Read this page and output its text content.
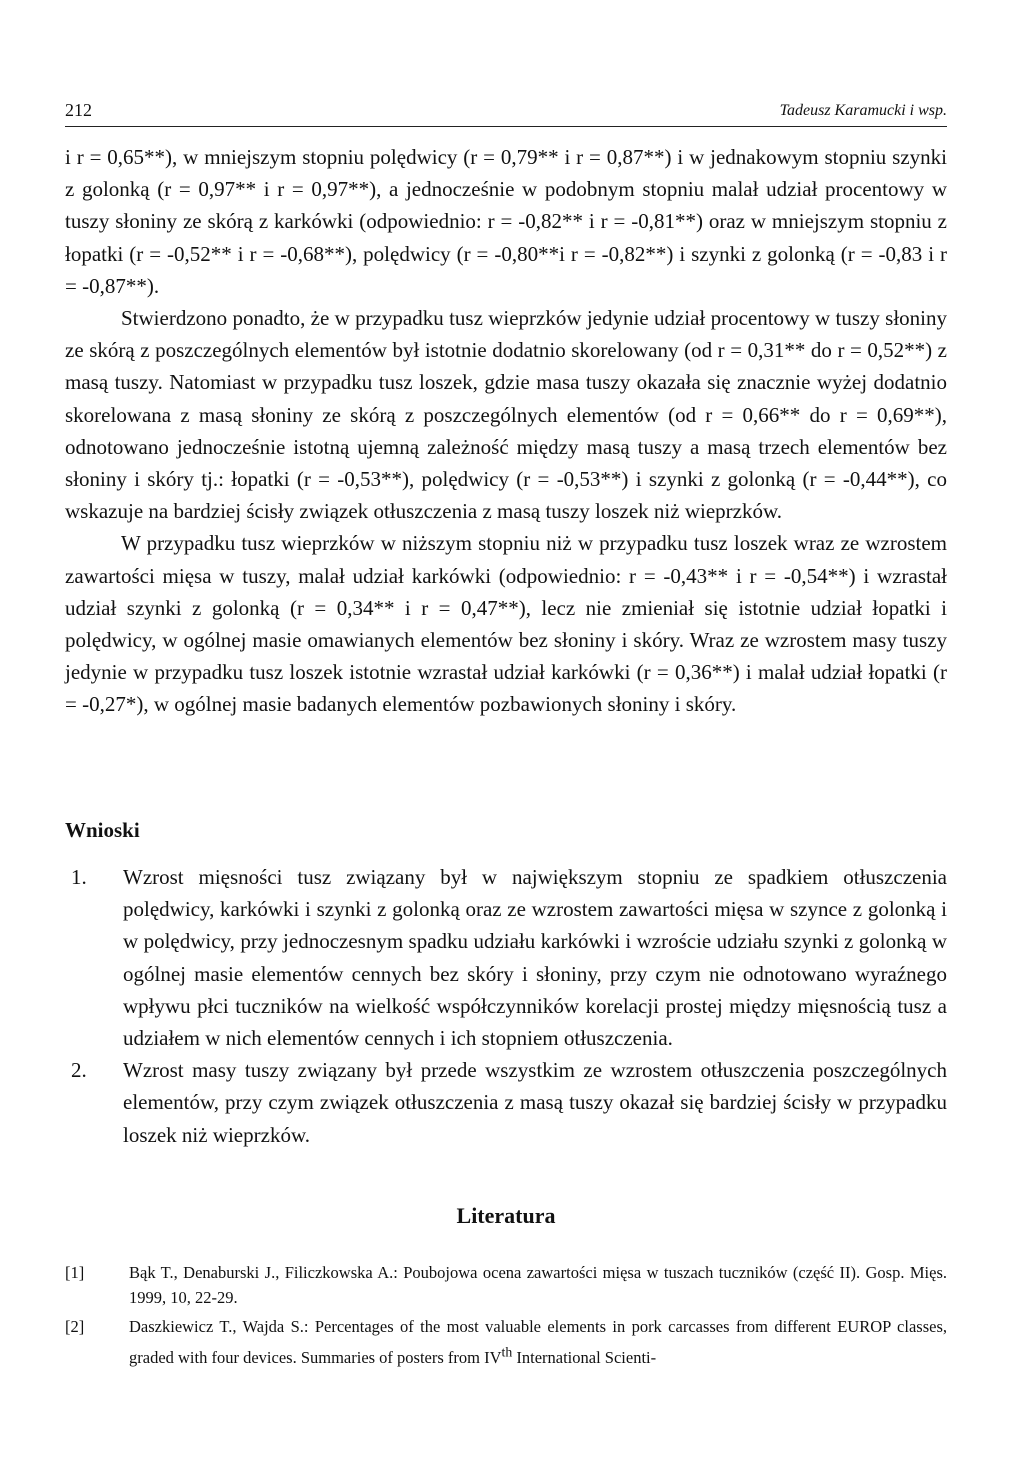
212	Tadeusz Karamucki i wsp.

i r = 0,65**), w mniejszym stopniu polędwicy (r = 0,79** i r = 0,87**) i w jednakowym stopniu szynki z golonką (r = 0,97** i r = 0,97**), a jednocześnie w podobnym stopniu malał udział procentowy w tuszy słoniny ze skórą z karkówki (odpowiednio: r = -0,82** i r = -0,81**) oraz w mniejszym stopniu z łopatki (r = -0,52** i r = -0,68**), polędwicy (r = -0,80**i r = -0,82**) i szynki z golonką (r = -0,83 i r = -0,87**).

Stwierdzono ponadto, że w przypadku tusz wieprzków jedynie udział procentowy w tuszy słoniny ze skórą z poszczególnych elementów był istotnie dodatnio skorelowany (od r = 0,31** do r = 0,52**) z masą tuszy. Natomiast w przypadku tusz loszek, gdzie masa tuszy okazała się znacznie wyżej dodatnio skorelowana z masą słoniny ze skórą z poszczególnych elementów (od r = 0,66** do r = 0,69**), odnotowano jednocześnie istotną ujemną zależność między masą tuszy a masą trzech elementów bez słoniny i skóry tj.: łopatki (r = -0,53**), polędwicy (r = -0,53**) i szynki z golonką (r = -0,44**), co wskazuje na bardziej ścisły związek otłuszczenia z masą tuszy loszek niż wieprzków.

W przypadku tusz wieprzków w niższym stopniu niż w przypadku tusz loszek wraz ze wzrostem zawartości mięsa w tuszy, malał udział karkówki (odpowiednio: r = -0,43** i r = -0,54**) i wzrastał udział szynki z golonką (r = 0,34** i r = 0,47**), lecz nie zmieniał się istotnie udział łopatki i polędwicy, w ogólnej masie omawianych elementów bez słoniny i skóry. Wraz ze wzrostem masy tuszy jedynie w przypadku tusz loszek istotnie wzrastał udział karkówki (r = 0,36**) i malał udział łopatki (r = -0,27*), w ogólnej masie badanych elementów pozbawionych słoniny i skóry.

Wnioski
1. Wzrost mięsności tusz związany był w największym stopniu ze spadkiem otłuszczenia polędwicy, karkówki i szynki z golonką oraz ze wzrostem zawartości mięsa w szynce z golonką i w polędwicy, przy jednoczesnym spadku udziału karkówki i wzroście udziału szynki z golonką w ogólnej masie elementów cennych bez skóry i słoniny, przy czym nie odnotowano wyraźnego wpływu płci tuczników na wielkość współczynników korelacji prostej między mięsnością tusz a udziałem w nich elementów cennych i ich stopniem otłuszczenia.
2. Wzrost masy tuszy związany był przede wszystkim ze wzrostem otłuszczenia poszczególnych elementów, przy czym związek otłuszczenia z masą tuszy okazał się bardziej ścisły w przypadku loszek niż wieprzków.
Literatura
[1]	Bąk T., Denaburski J., Filiczkowska A.: Poubojowa ocena zawartości mięsa w tuszach tuczników (część II). Gosp. Mięs. 1999, 10, 22-29.
[2]	Daszkiewicz T., Wajda S.: Percentages of the most valuable elements in pork carcasses from different EUROP classes, graded with four devices. Summaries of posters from IVth International Scienti-
